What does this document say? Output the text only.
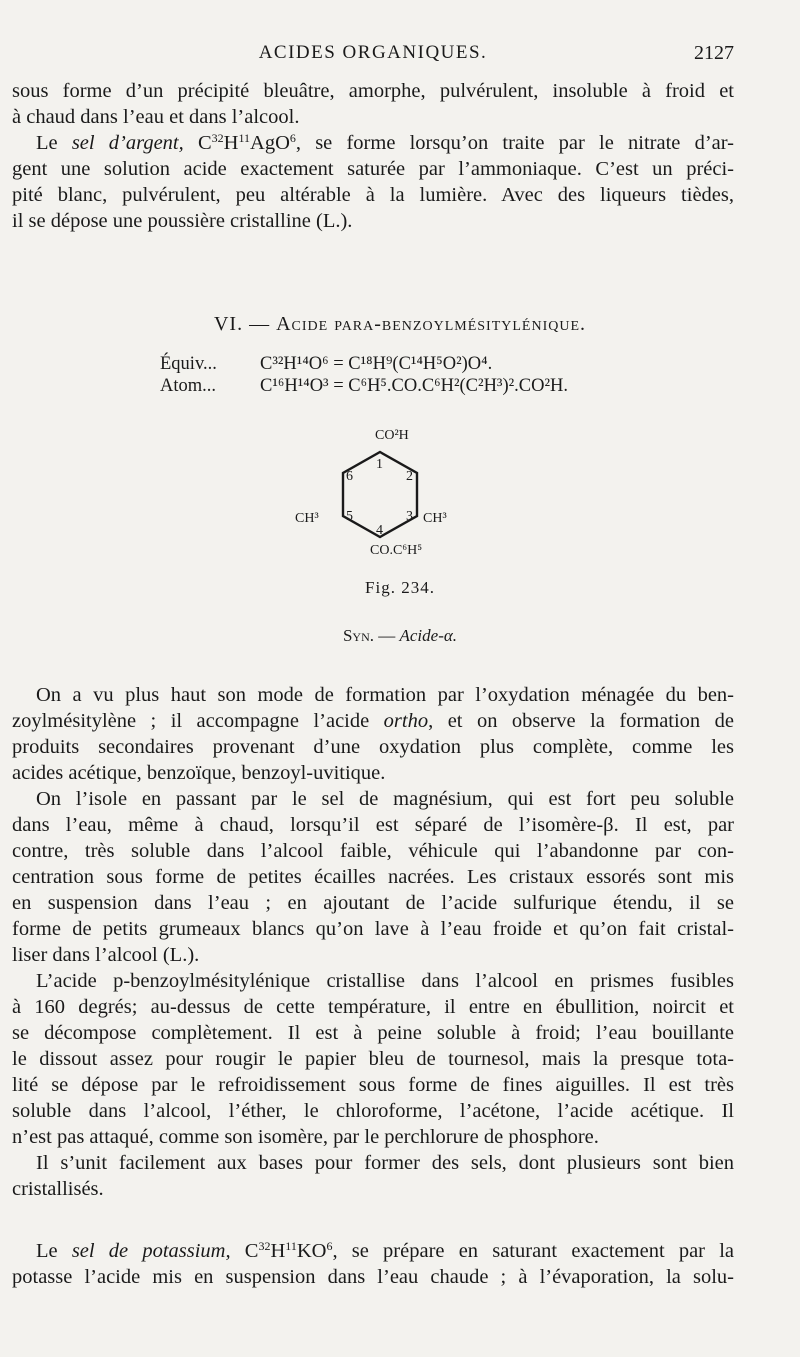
ACIDES ORGANIQUES.	2127

sous forme d’un précipité bleuâtre, amorphe, pulvérulent, insoluble à froid et

à chaud dans l’eau et dans l’alcool.

Le sel d’argent, $C^{32}H^{11}AgO^6$, se forme lorsqu’on traite par le nitrate d’ar-

gent une solution acide exactement saturée par l’ammoniaque. C’est un préci-

pité blanc, pulvérulent, peu altérable à la lumière. Avec des liqueurs tièdes,

il se dépose une poussière cristalline (L.).

VI. — Acide para-benzoylmésitylénique.
Équiv... C³²H¹⁴O⁶ = C¹⁸H⁹(C¹⁴H⁵O²)O⁴.
Atom... C¹⁶H¹⁴O³ = C⁶H⁵.CO.C⁶H²(C²H³)².CO²H.
CO²H
CH³	CH³
CO.C⁶H⁵
1
2
3
4
5
6
Fig. 234.
Syn. — Acide-α.

On a vu plus haut son mode de formation par l’oxydation ménagée du ben-

zoylmésitylène ; il accompagne l’acide ortho, et on observe la formation de

produits secondaires provenant d’une oxydation plus complète, comme les

acides acétique, benzoïque, benzoyl-uvitique.

On l’isole en passant par le sel de magnésium, qui est fort peu soluble

dans l’eau, même à chaud, lorsqu’il est séparé de l’isomère-β. Il est, par

contre, très soluble dans l’alcool faible, véhicule qui l’abandonne par con-

centration sous forme de petites écailles nacrées. Les cristaux essorés sont mis

en suspension dans l’eau ; en ajoutant de l’acide sulfurique étendu, il se

forme de petits grumeaux blancs qu’on lave à l’eau froide et qu’on fait cristal-

liser dans l’alcool (L.).

L’acide p-benzoylmésitylénique cristallise dans l’alcool en prismes fusibles

à 160 degrés; au-dessus de cette température, il entre en ébullition, noircit et

se décompose complètement. Il est à peine soluble à froid; l’eau bouillante

le dissout assez pour rougir le papier bleu de tournesol, mais la presque tota-

lité se dépose par le refroidissement sous forme de fines aiguilles. Il est très

soluble dans l’alcool, l’éther, le chloroforme, l’acétone, l’acide acétique. Il

n’est pas attaqué, comme son isomère, par le perchlorure de phosphore.

Il s’unit facilement aux bases pour former des sels, dont plusieurs sont bien

cristallisés.

Le sel de potassium, $C^{32}H^{11}KO^6$, se prépare en saturant exactement par la

potasse l’acide mis en suspension dans l’eau chaude ; à l’évaporation, la solu-
